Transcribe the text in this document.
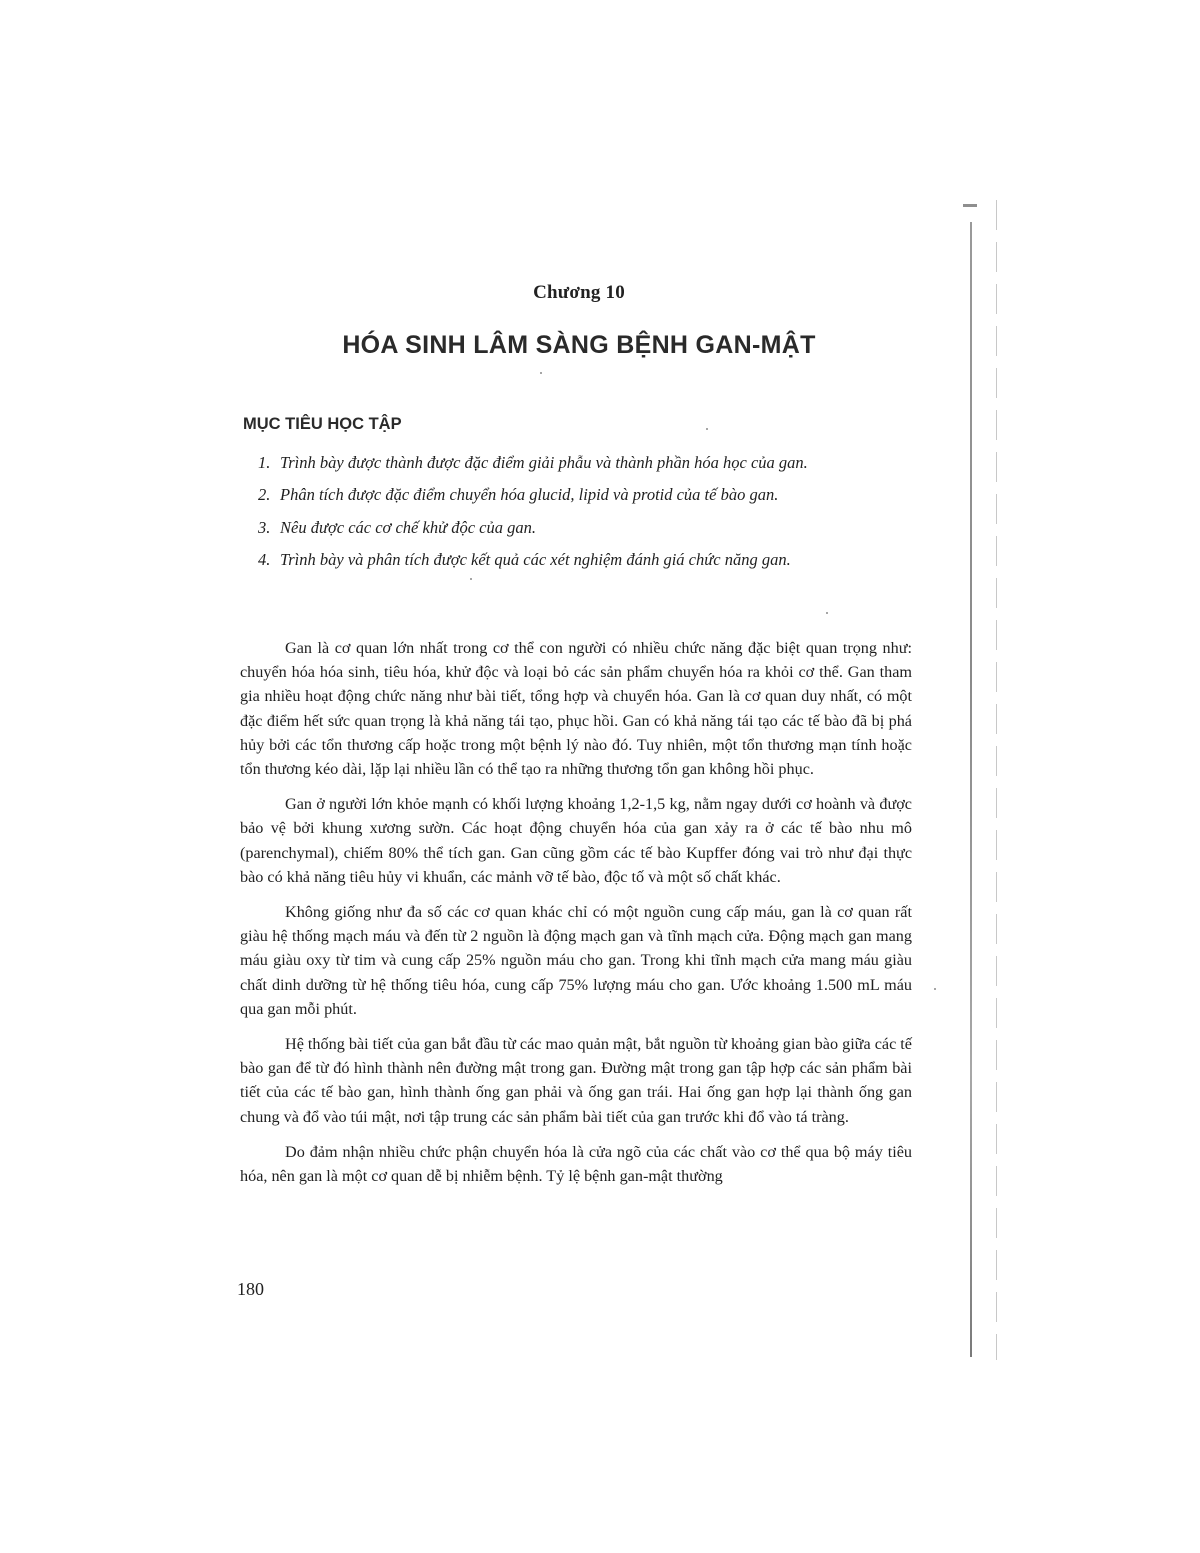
Chương 10
HÓA SINH LÂM SÀNG BỆNH GAN-MẬT
MỤC TIÊU HỌC TẬP
1. Trình bày được thành được đặc điểm giải phẫu và thành phần hóa học của gan.
2. Phân tích được đặc điểm chuyển hóa glucid, lipid và protid của tế bào gan.
3. Nêu được các cơ chế khử độc của gan.
4. Trình bày và phân tích được kết quả các xét nghiệm đánh giá chức năng gan.

Gan là cơ quan lớn nhất trong cơ thể con người có nhiều chức năng đặc biệt quan trọng như: chuyển hóa hóa sinh, tiêu hóa, khử độc và loại bỏ các sản phẩm chuyển hóa ra khỏi cơ thể. Gan tham gia nhiều hoạt động chức năng như bài tiết, tổng hợp và chuyển hóa. Gan là cơ quan duy nhất, có một đặc điểm hết sức quan trọng là khả năng tái tạo, phục hồi. Gan có khả năng tái tạo các tế bào đã bị phá hủy bởi các tổn thương cấp hoặc trong một bệnh lý nào đó. Tuy nhiên, một tổn thương mạn tính hoặc tổn thương kéo dài, lặp lại nhiều lần có thể tạo ra những thương tổn gan không hồi phục.

Gan ở người lớn khỏe mạnh có khối lượng khoảng 1,2-1,5 kg, nằm ngay dưới cơ hoành và được bảo vệ bởi khung xương sườn. Các hoạt động chuyển hóa của gan xảy ra ở các tế bào nhu mô (parenchymal), chiếm 80% thể tích gan. Gan cũng gồm các tế bào Kupffer đóng vai trò như đại thực bào có khả năng tiêu hủy vi khuẩn, các mảnh vỡ tế bào, độc tố và một số chất khác.

Không giống như đa số các cơ quan khác chỉ có một nguồn cung cấp máu, gan là cơ quan rất giàu hệ thống mạch máu và đến từ 2 nguồn là động mạch gan và tĩnh mạch cửa. Động mạch gan mang máu giàu oxy từ tim và cung cấp 25% nguồn máu cho gan. Trong khi tĩnh mạch cửa mang máu giàu chất dinh dưỡng từ hệ thống tiêu hóa, cung cấp 75% lượng máu cho gan. Ước khoảng 1.500 mL máu qua gan mỗi phút.

Hệ thống bài tiết của gan bắt đầu từ các mao quản mật, bắt nguồn từ khoảng gian bào giữa các tế bào gan để từ đó hình thành nên đường mật trong gan. Đường mật trong gan tập hợp các sản phẩm bài tiết của các tế bào gan, hình thành ống gan phải và ống gan trái. Hai ống gan hợp lại thành ống gan chung và đổ vào túi mật, nơi tập trung các sản phẩm bài tiết của gan trước khi đổ vào tá tràng.

Do đảm nhận nhiều chức phận chuyển hóa là cửa ngõ của các chất vào cơ thể qua bộ máy tiêu hóa, nên gan là một cơ quan dễ bị nhiễm bệnh. Tỷ lệ bệnh gan-mật thường

180
